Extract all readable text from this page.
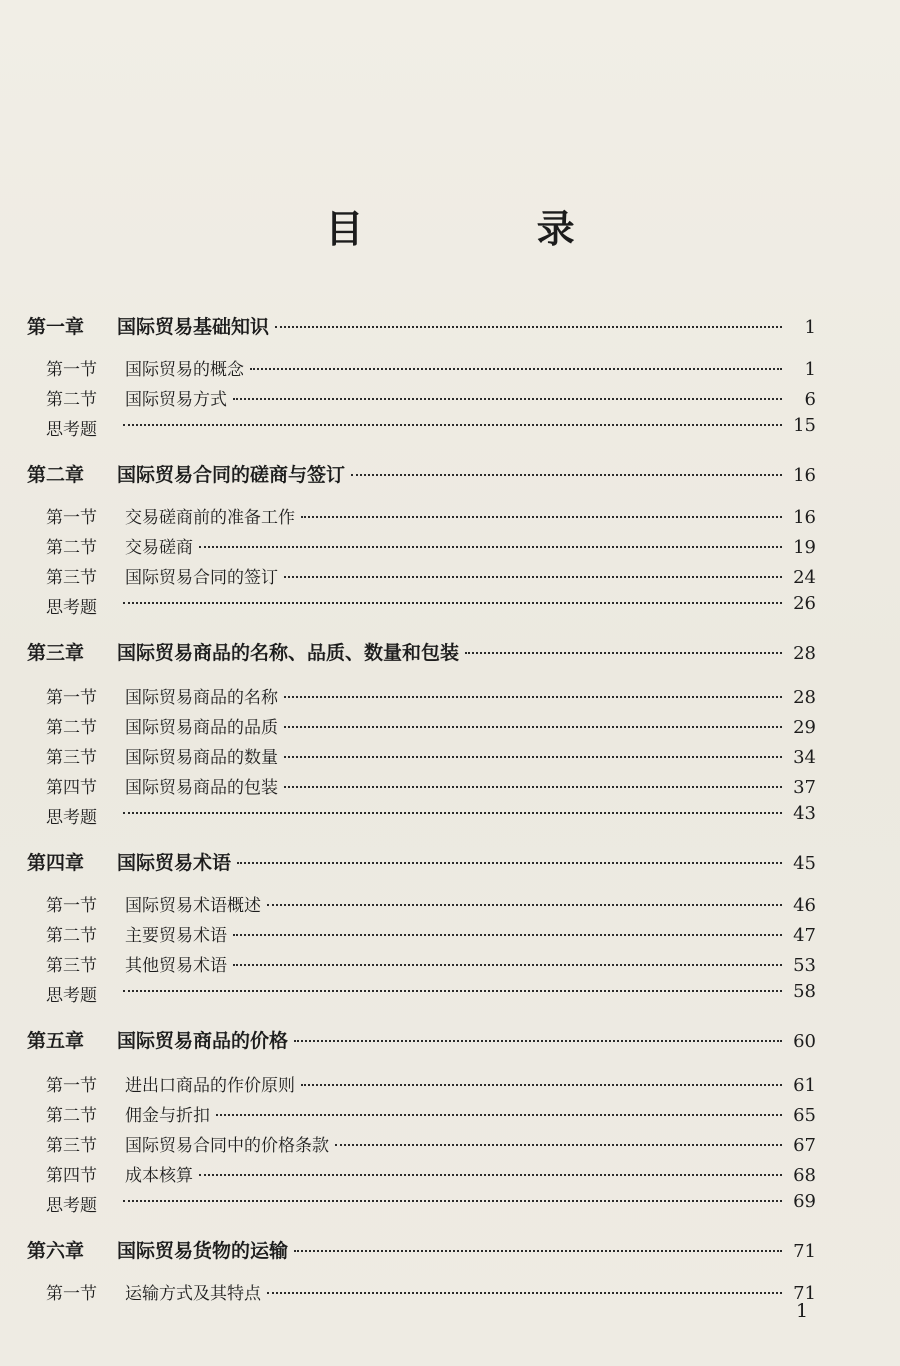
目 录
第一章 国际贸易基础知识	1
第一节 国际贸易的概念	1
第二节 国际贸易方式	6
思考题	15
第二章 国际贸易合同的磋商与签订	16
第一节 交易磋商前的准备工作	16
第二节 交易磋商	19
第三节 国际贸易合同的签订	24
思考题	26
第三章 国际贸易商品的名称、品质、数量和包装	28
第一节 国际贸易商品的名称	28
第二节 国际贸易商品的品质	29
第三节 国际贸易商品的数量	34
第四节 国际贸易商品的包装	37
思考题	43
第四章 国际贸易术语	45
第一节 国际贸易术语概述	46
第二节 主要贸易术语	47
第三节 其他贸易术语	53
思考题	58
第五章 国际贸易商品的价格	60
第一节 进出口商品的作价原则	61
第二节 佣金与折扣	65
第三节 国际贸易合同中的价格条款	67
第四节 成本核算	68
思考题	69
第六章 国际贸易货物的运输	71
第一节 运输方式及其特点	71
1
